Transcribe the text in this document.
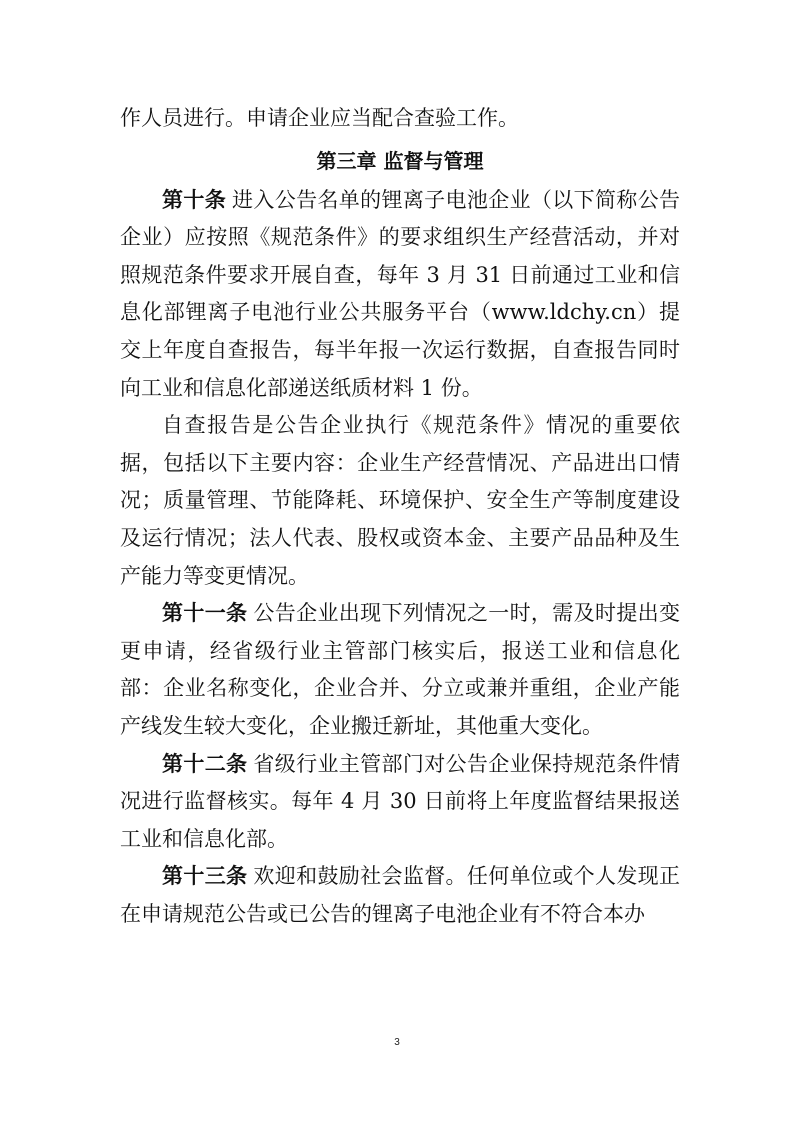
作人员进行。申请企业应当配合查验工作。

第三章 监督与管理

第十条 进入公告名单的锂离子电池企业（以下简称公告企业）应按照《规范条件》的要求组织生产经营活动，并对照规范条件要求开展自查，每年 3 月 31 日前通过工业和信息化部锂离子电池行业公共服务平台（www.ldchy.cn）提交上年度自查报告，每半年报一次运行数据，自查报告同时向工业和信息化部递送纸质材料 1 份。

自查报告是公告企业执行《规范条件》情况的重要依据，包括以下主要内容：企业生产经营情况、产品进出口情况；质量管理、节能降耗、环境保护、安全生产等制度建设及运行情况；法人代表、股权或资本金、主要产品品种及生产能力等变更情况。

第十一条 公告企业出现下列情况之一时，需及时提出变更申请，经省级行业主管部门核实后，报送工业和信息化部：企业名称变化，企业合并、分立或兼并重组，企业产能产线发生较大变化，企业搬迁新址，其他重大变化。

第十二条 省级行业主管部门对公告企业保持规范条件情况进行监督核实。每年 4 月 30 日前将上年度监督结果报送工业和信息化部。

第十三条 欢迎和鼓励社会监督。任何单位或个人发现正在申请规范公告或已公告的锂离子电池企业有不符合本办

3
